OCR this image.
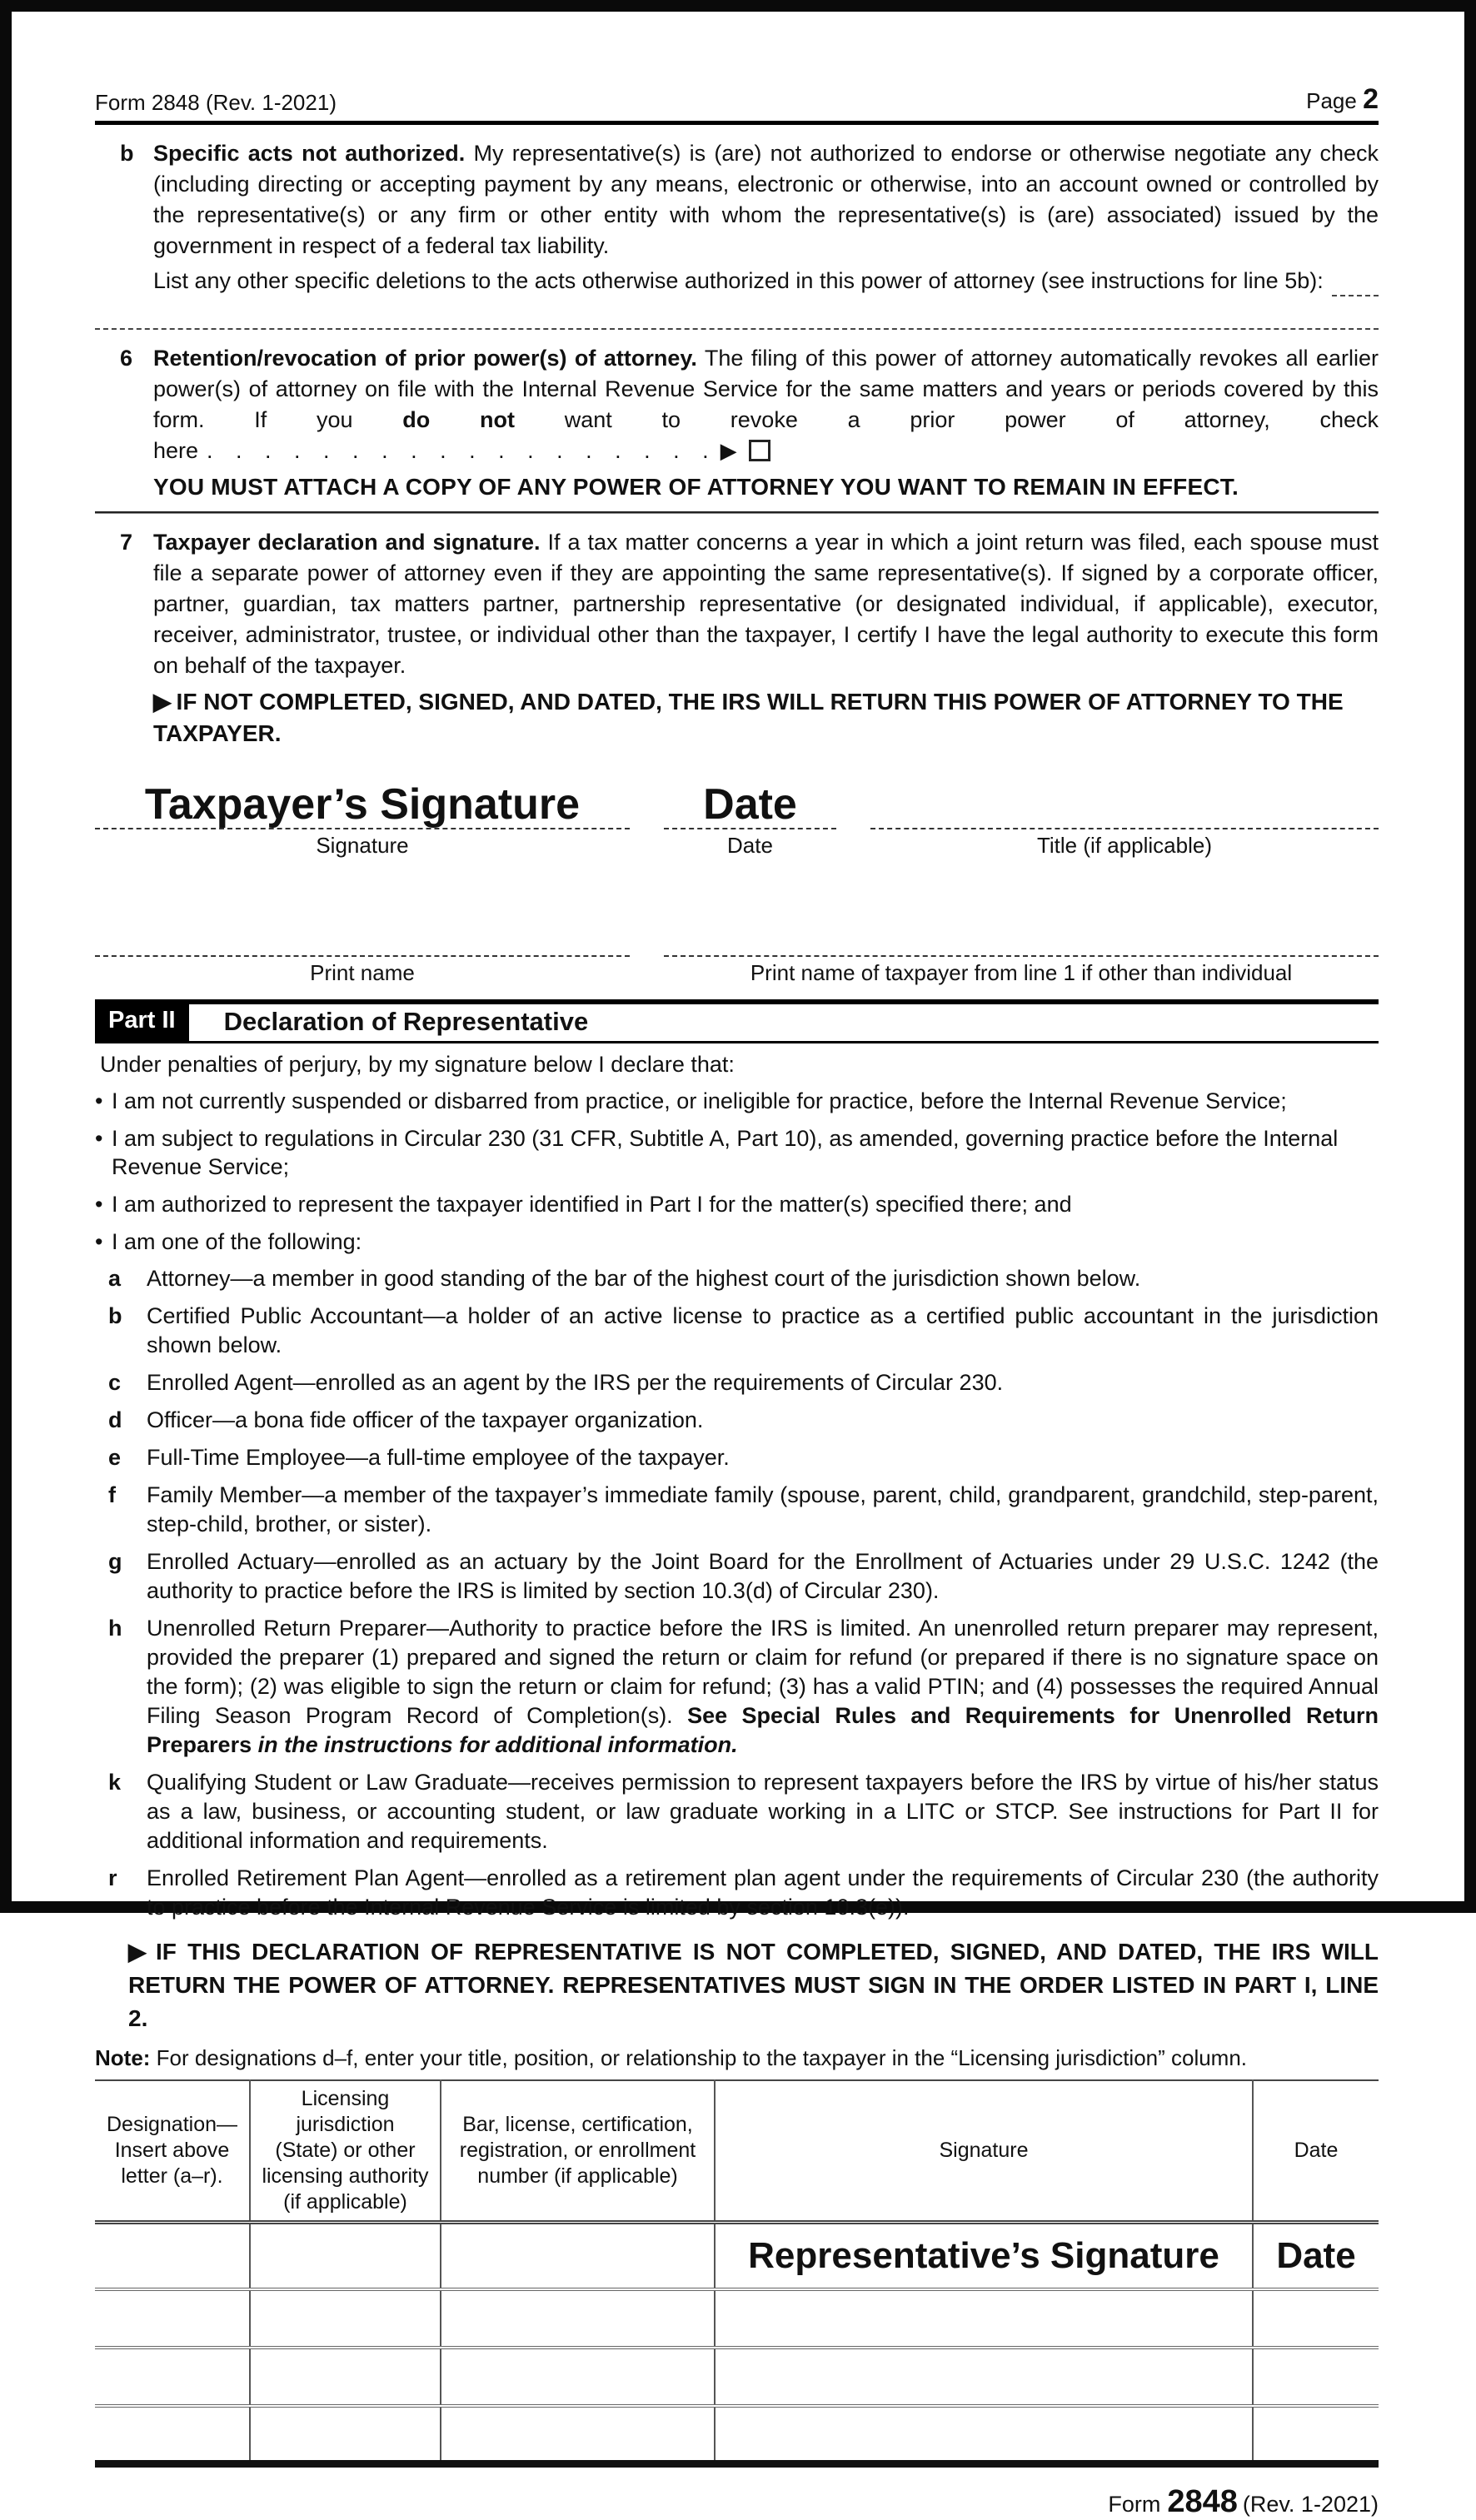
Form 2848 (Rev. 1-2021)	Page 2
b Specific acts not authorized. My representative(s) is (are) not authorized to endorse or otherwise negotiate any check (including directing or accepting payment by any means, electronic or otherwise, into an account owned or controlled by the representative(s) or any firm or other entity with whom the representative(s) is (are) associated) issued by the government in respect of a federal tax liability.

List any other specific deletions to the acts otherwise authorized in this power of attorney (see instructions for line 5b):
6 Retention/revocation of prior power(s) of attorney. The filing of this power of attorney automatically revokes all earlier power(s) of attorney on file with the Internal Revenue Service for the same matters and years or periods covered by this form. If you do not want to revoke a prior power of attorney, check here . . . . . . . . . . . . . . . . . . ▶

YOU MUST ATTACH A COPY OF ANY POWER OF ATTORNEY YOU WANT TO REMAIN IN EFFECT.

7 Taxpayer declaration and signature. If a tax matter concerns a year in which a joint return was filed, each spouse must file a separate power of attorney even if they are appointing the same representative(s). If signed by a corporate officer, partner, guardian, tax matters partner, partnership representative (or designated individual, if applicable), executor, receiver, administrator, trustee, or individual other than the taxpayer, I certify I have the legal authority to execute this form on behalf of the taxpayer.

▶ IF NOT COMPLETED, SIGNED, AND DATED, THE IRS WILL RETURN THIS POWER OF ATTORNEY TO THE TAXPAYER.

Taxpayer’s Signature	Date
Signature	Date	Title (if applicable)
Print name	Print name of taxpayer from line 1 if other than individual
Part II	Declaration of Representative
Under penalties of perjury, by my signature below I declare that:
• I am not currently suspended or disbarred from practice, or ineligible for practice, before the Internal Revenue Service;
• I am subject to regulations in Circular 230 (31 CFR, Subtitle A, Part 10), as amended, governing practice before the Internal Revenue Service;
• I am authorized to represent the taxpayer identified in Part I for the matter(s) specified there; and
• I am one of the following:
a Attorney—a member in good standing of the bar of the highest court of the jurisdiction shown below.
b Certified Public Accountant—a holder of an active license to practice as a certified public accountant in the jurisdiction shown below.
c Enrolled Agent—enrolled as an agent by the IRS per the requirements of Circular 230.
d Officer—a bona fide officer of the taxpayer organization.
e Full-Time Employee—a full-time employee of the taxpayer.
f Family Member—a member of the taxpayer’s immediate family (spouse, parent, child, grandparent, grandchild, step-parent, step-child, brother, or sister).
g Enrolled Actuary—enrolled as an actuary by the Joint Board for the Enrollment of Actuaries under 29 U.S.C. 1242 (the authority to practice before the IRS is limited by section 10.3(d) of Circular 230).
h Unenrolled Return Preparer—Authority to practice before the IRS is limited. An unenrolled return preparer may represent, provided the preparer (1) prepared and signed the return or claim for refund (or prepared if there is no signature space on the form); (2) was eligible to sign the return or claim for refund; (3) has a valid PTIN; and (4) possesses the required Annual Filing Season Program Record of Completion(s). See Special Rules and Requirements for Unenrolled Return Preparers in the instructions for additional information.
k Qualifying Student or Law Graduate—receives permission to represent taxpayers before the IRS by virtue of his/her status as a law, business, or accounting student, or law graduate working in a LITC or STCP. See instructions for Part II for additional information and requirements.
r Enrolled Retirement Plan Agent—enrolled as a retirement plan agent under the requirements of Circular 230 (the authority to practice before the Internal Revenue Service is limited by section 10.3(e)).

▶ IF THIS DECLARATION OF REPRESENTATIVE IS NOT COMPLETED, SIGNED, AND DATED, THE IRS WILL RETURN THE POWER OF ATTORNEY. REPRESENTATIVES MUST SIGN IN THE ORDER LISTED IN PART I, LINE 2.

Note: For designations d–f, enter your title, position, or relationship to the taxpayer in the “Licensing jurisdiction” column.
Designation—
Insert above
letter (a–r).	Licensing jurisdiction
(State) or other
licensing authority
(if applicable)	Bar, license, certification,
registration, or enrollment
number (if applicable)	Signature	Date
			Representative’s Signature	Date

Form 2848 (Rev. 1-2021)
